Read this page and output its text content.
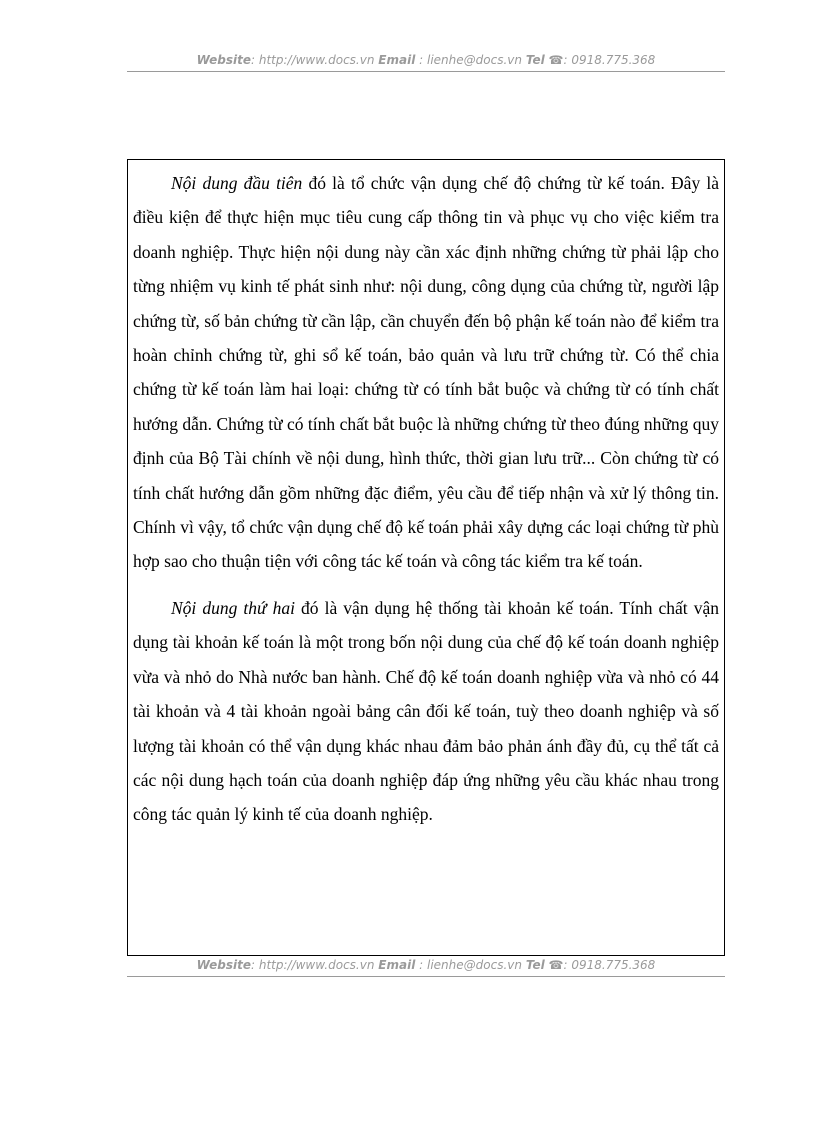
Website: http://www.docs.vn Email : lienhe@docs.vn Tel ☎: 0918.775.368

Nội dung đầu tiên đó là tổ chức vận dụng chế độ chứng từ kế toán. Đây là điều kiện để thực hiện mục tiêu cung cấp thông tin và phục vụ cho việc kiểm tra doanh nghiệp. Thực hiện nội dung này cần xác định những chứng từ phải lập cho từng nhiệm vụ kinh tế phát sinh như: nội dung, công dụng của chứng từ, người lập chứng từ, số bản chứng từ cần lập, cần chuyển đến bộ phận kế toán nào để kiểm tra hoàn chỉnh chứng từ, ghi sổ kế toán, bảo quản và lưu trữ chứng từ. Có thể chia chứng từ kế toán làm hai loại: chứng từ có tính bắt buộc và chứng từ có tính chất hướng dẫn. Chứng từ có tính chất bắt buộc là những chứng từ theo đúng những quy định của Bộ Tài chính về nội dung, hình thức, thời gian lưu trữ... Còn chứng từ có tính chất hướng dẫn gồm những đặc điểm, yêu cầu để tiếp nhận và xử lý thông tin. Chính vì vậy, tổ chức vận dụng chế độ kế toán phải xây dựng các loại chứng từ phù hợp sao cho thuận tiện với công tác kế toán và công tác kiểm tra kế toán.

Nội dung thứ hai đó là vận dụng hệ thống tài khoản kế toán. Tính chất vận dụng tài khoản kế toán là một trong bốn nội dung của chế độ kế toán doanh nghiệp vừa và nhỏ do Nhà nước ban hành. Chế độ kế toán doanh nghiệp vừa và nhỏ có 44 tài khoản và 4 tài khoản ngoài bảng cân đối kế toán, tuỳ theo doanh nghiệp và số lượng tài khoản có thể vận dụng khác nhau đảm bảo phản ánh đầy đủ, cụ thể tất cả các nội dung hạch toán của doanh nghiệp đáp ứng những yêu cầu khác nhau trong công tác quản lý kinh tế của doanh nghiệp.

Website: http://www.docs.vn Email : lienhe@docs.vn Tel ☎: 0918.775.368
